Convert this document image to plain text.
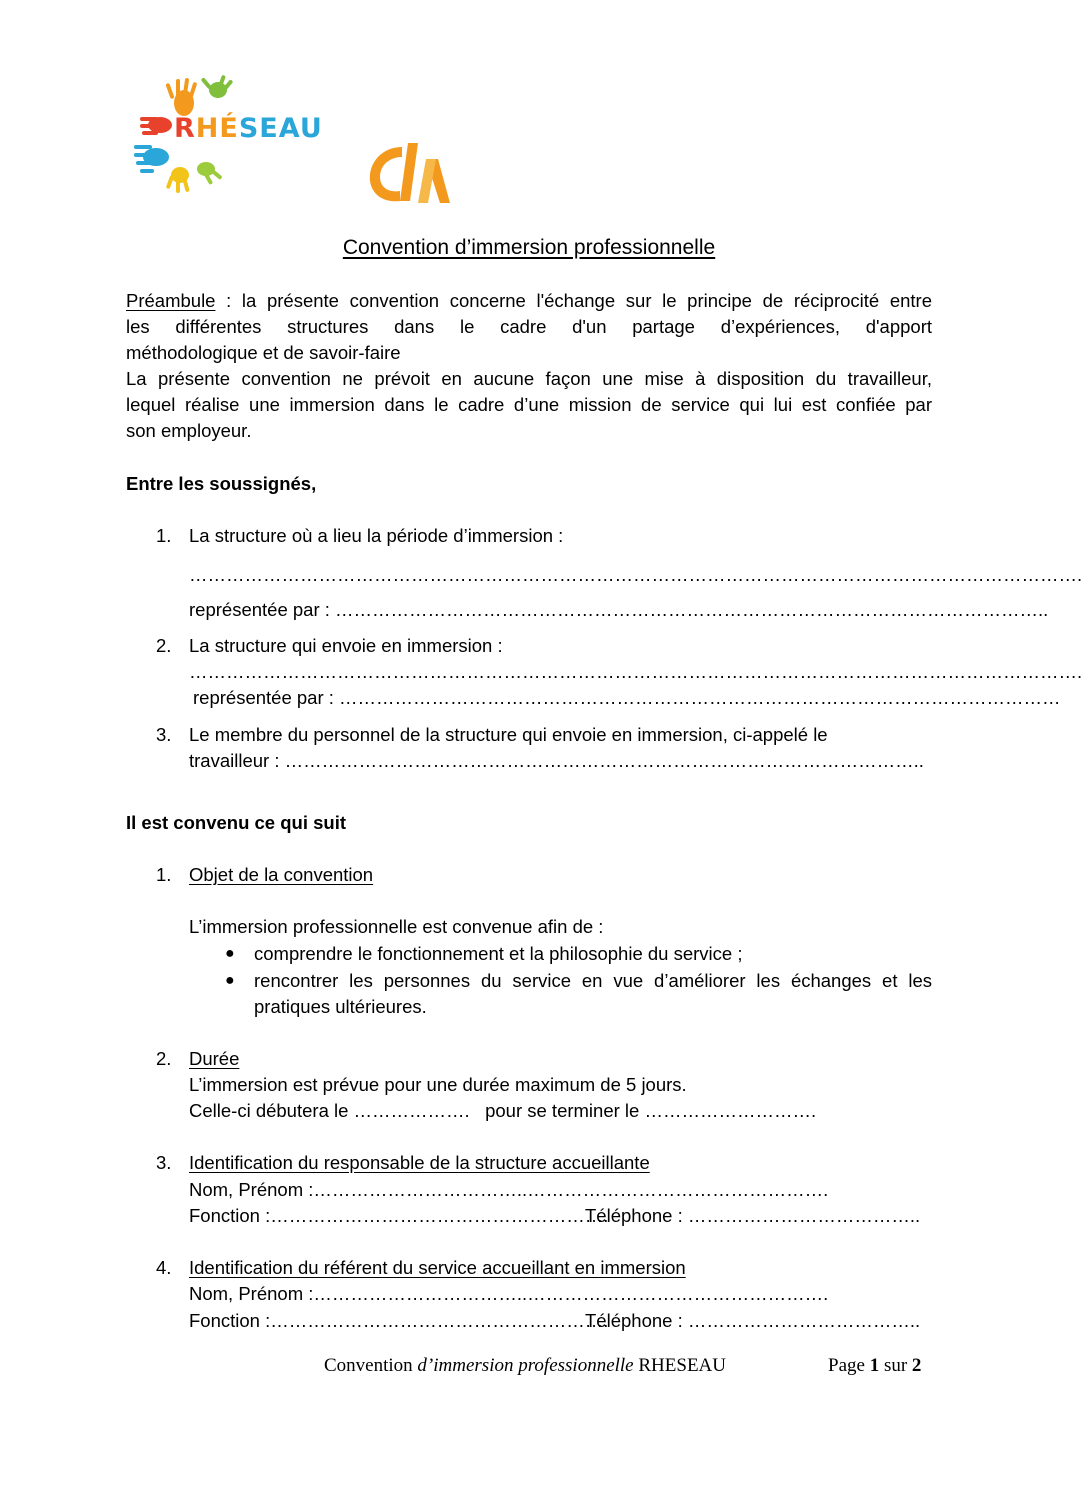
RHÉSEAU
Convention d’immersion professionnelle
Préambule : la présente convention concerne l'échange sur le principe de réciprocité entre
les différentes structures dans le cadre d'un partage d’expériences, d'apport
méthodologique et de savoir-faire
La présente convention ne prévoit en aucune façon une mise à disposition du travailleur,
lequel réalise une immersion dans le cadre d’une mission de service qui lui est confiée par
son employeur.
Entre les soussignés,
1. La structure où a lieu la période d’immersion :
……………………………………………………………………………………………………………………………….
représentée par : ……………………………………………………………………………………………………..
2. La structure qui envoie en immersion :
……………………………………………………………………………………………………………………………….
représentée par : ………………………………………………………………………………………………………
3. Le membre du personnel de la structure qui envoie en immersion, ci-appelé le
travailleur : …………………………………………………………………………………………..
Il est convenu ce qui suit
1. Objet de la convention
L’immersion professionnelle est convenue afin de :
● comprendre le fonctionnement et la philosophie du service ;
● rencontrer les personnes du service en vue d’améliorer les échanges et les
pratiques ultérieures.
2. Durée
L’immersion est prévue pour une durée maximum de 5 jours.
Celle-ci débutera le ……………….   pour se terminer le ……………………….
3. Identification du responsable de la structure accueillante
Nom, Prénom :……………………………..………………………………………….
Fonction :……………………………………………….
Téléphone : ………………………………..
4. Identification du référent du service accueillant en immersion
Nom, Prénom :……………………………..………………………………………….
Fonction :……………………………………………….
Téléphone : ………………………………..
Convention d’immersion professionnelle RHESEAU	Page 1 sur 2
